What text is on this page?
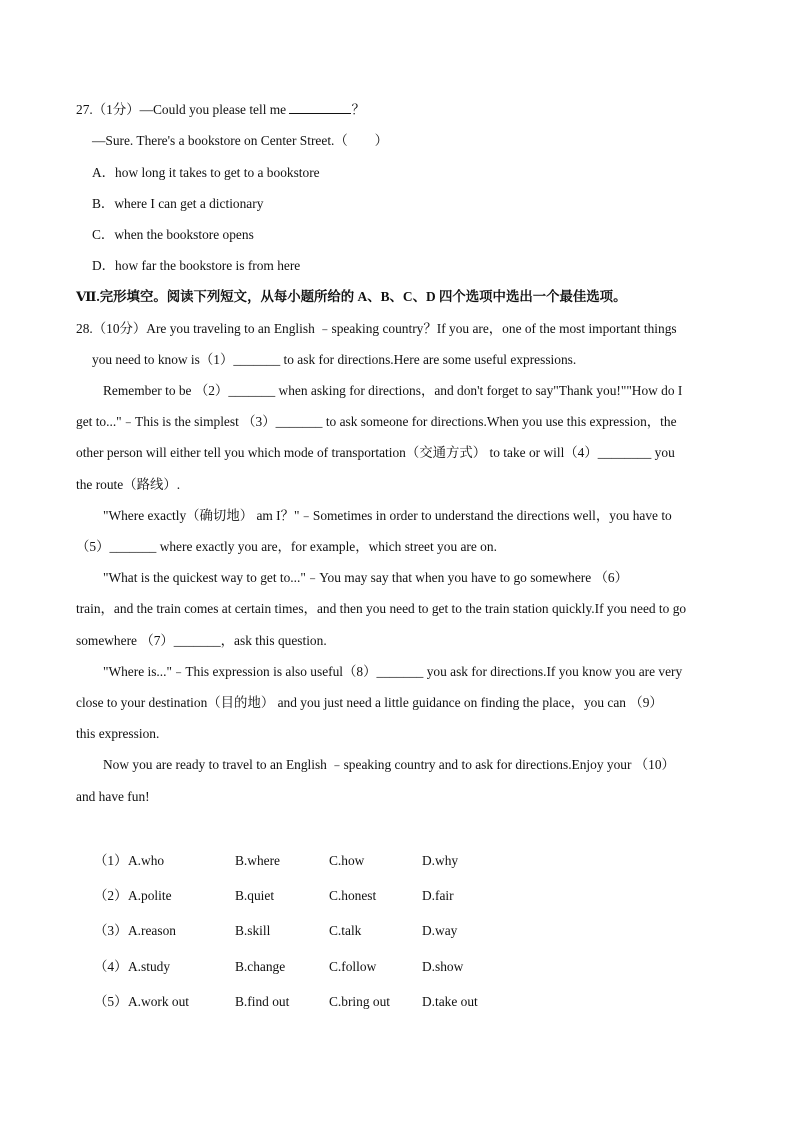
27.（1分）—Could you please tell me	？
—Sure. There's a bookstore on Center Street.（　　）
A．how long it takes to get to a bookstore
B．where I can get a dictionary
C．when the bookstore opens
D．how far the bookstore is from here
Ⅶ.完形填空。阅读下列短文，从每小题所给的 A、B、C、D 四个选项中选出一个最佳选项。
28.（10分）Are you traveling to an English ﹣speaking country？If you are，one of the most important things
you need to know is（1）_______ to ask for directions.Here are some useful expressions.
Remember to be （2）_______ when asking for directions，and don't forget to say"Thank you!""How do I
get to..."﹣This is the simplest （3）_______ to ask someone for directions.When you use this expression，the
other person will either tell you which mode of transportation（交通方式） to take or will（4）________ you
the route（路线）.
"Where exactly（确切地） am I？"﹣Sometimes in order to understand the directions well，you have to
（5）_______ where exactly you are，for example，which street you are on.
"What is the quickest way to get to..."﹣You may say that when you have to go somewhere （6）
train，and the train comes at certain times，and then you need to get to the train station quickly.If you need to go
somewhere （7）_______，ask this question.
"Where is..."﹣This expression is also useful（8）_______ you ask for directions.If you know you are very
close to your destination（目的地） and you just need a little guidance on finding the place，you can （9）
this expression.
Now you are ready to travel to an English ﹣speaking country and to ask for directions.Enjoy your （10）
and have fun!
（1） A.who	B.where	C.how	D.why
（2） A.polite	B.quiet	C.honest	D.fair
（3） A.reason	B.skill	C.talk	D.way
（4） A.study	B.change	C.follow	D.show
（5） A.work out	B.find out	C.bring out D.take out
